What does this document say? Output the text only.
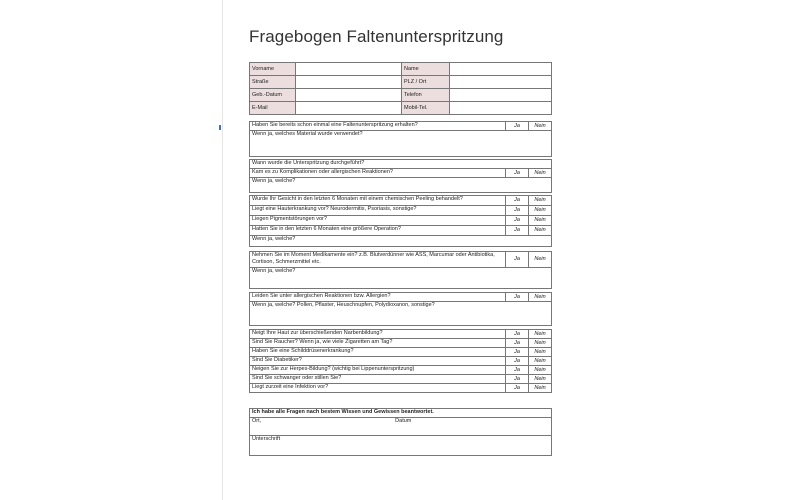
Fragebogen Faltenunterspritzung
Vorname		Name	
Straße		PLZ / Ort	
Geb.-Datum		Telefon	
E-Mail		Mobil-Tel.	
Haben Sie bereits schon einmal eine Faltenunterspritzung erhalten?	Ja	Nein
Wenn ja, welches Material wurde verwendet?		

Wann wurde die Unterspritzung durchgeführt?		
Kam es zu Komplikationen oder allergischen Reaktionen?	Ja	Nein
Wenn ja, welche?		

Wurde Ihr Gesicht in den letzten 6 Monaten mit einem chemischen Peeling behandelt?	Ja	Nein
Liegt eine Hauterkrankung vor? Neurodermitis, Psoriasis, sonstige?	Ja	Nein
Liegen Pigmentstörungen vor?	Ja	Nein
Hatten Sie in den letzten 6 Monaten eine größere Operation?	Ja	Nein
Wenn ja, welche?		

Nehmen Sie im Moment Medikamente ein? z.B. Blutverdünner wie ASS, Marcumar oder Antibiotika, Cortison, Schmerzmittel etc.	Ja	Nein
Wenn ja, welche?		

Leiden Sie unter allergischen Reaktionen bzw. Allergien?	Ja	Nein
Wenn ja, welche? Pollen, Pflaster, Heuschnupfen, Polydioxanon, sonstige?		

Neigt Ihre Haut zur überschießenden Narbenbildung?	Ja	Nein
Sind Sie Raucher? Wenn ja, wie viele Zigaretten am Tag?	Ja	Nein
Haben Sie eine Schilddrüsenerkrankung?	Ja	Nein
Sind Sie Diabetiker?	Ja	Nein
Neigen Sie zur Herpes-Bildung? (wichtig bei Lippenunterspritzung)	Ja	Nein
Sind Sie schwanger oder stillen Sie?	Ja	Nein
Liegt zurzeit eine Infektion vor?	Ja	Nein

Ich habe alle Fragen nach bestem Wissen und Gewissen beantwortet.		
Ort, Datum		
Unterschrift		
